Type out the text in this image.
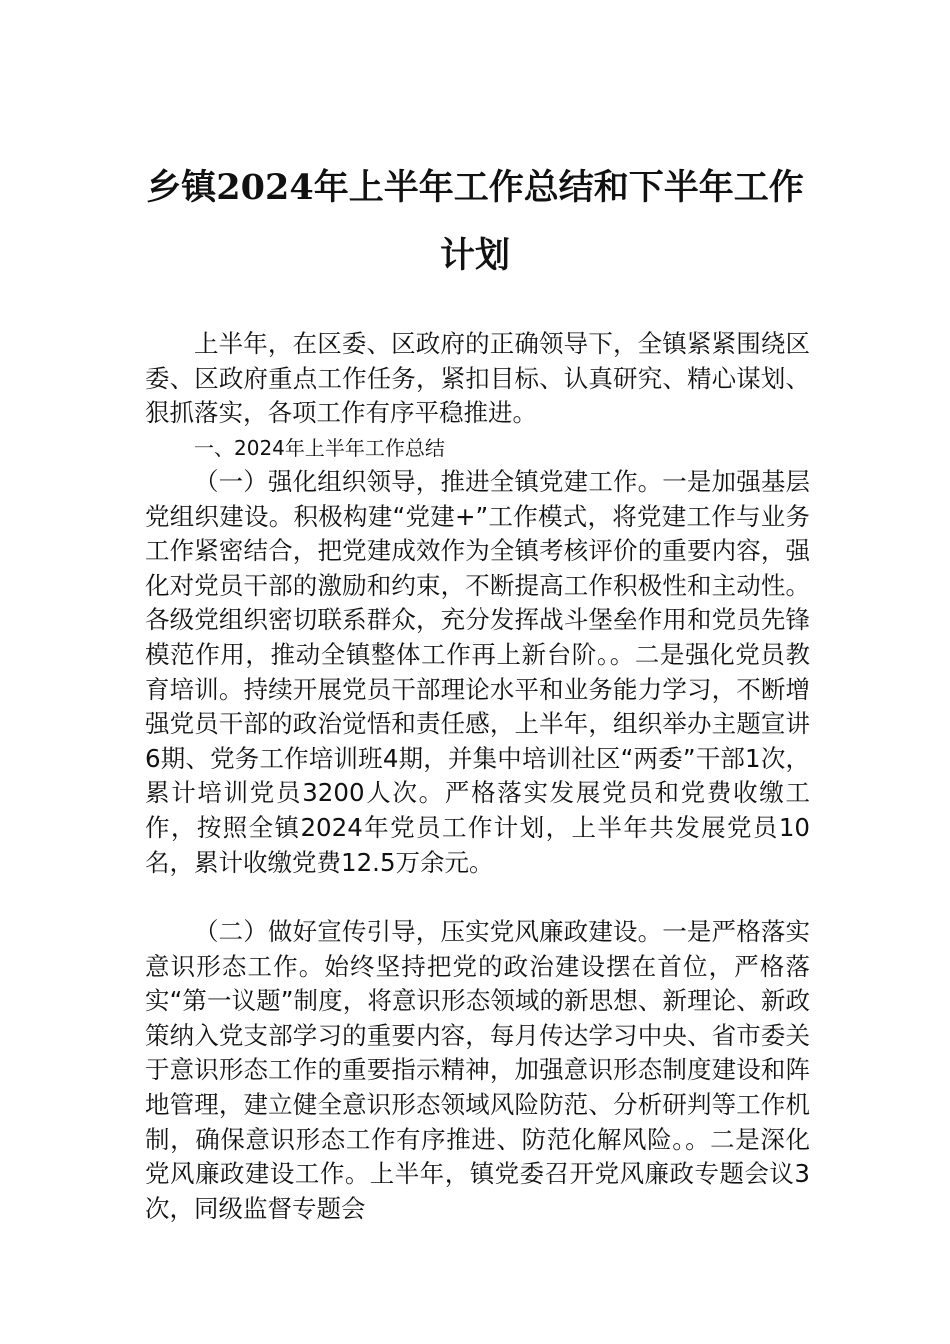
乡镇2024年上半年工作总结和下半年工作
计划

上半年，在区委、区政府的正确领导下，全镇紧紧围绕区委、区政府重点工作任务，紧扣目标、认真研究、精心谋划、狠抓落实，各项工作有序平稳推进。

一、2024年上半年工作总结

（一）强化组织领导，推进全镇党建工作。一是加强基层党组织建设。积极构建“党建+”工作模式，将党建工作与业务工作紧密结合，把党建成效作为全镇考核评价的重要内容，强化对党员干部的激励和约束，不断提高工作积极性和主动性。各级党组织密切联系群众，充分发挥战斗堡垒作用和党员先锋模范作用，推动全镇整体工作再上新台阶。。二是强化党员教育培训。持续开展党员干部理论水平和业务能力学习，不断增强党员干部的政治觉悟和责任感，上半年，组织举办主题宣讲6期、党务工作培训班4期，并集中培训社区“两委”干部1次，累计培训党员3200人次。严格落实发展党员和党费收缴工作，按照全镇2024年党员工作计划，上半年共发展党员10名，累计收缴党费12.5万余元。

（二）做好宣传引导，压实党风廉政建设。一是严格落实意识形态工作。始终坚持把党的政治建设摆在首位，严格落实“第一议题”制度，将意识形态领域的新思想、新理论、新政策纳入党支部学习的重要内容，每月传达学习中央、省市委关于意识形态工作的重要指示精神，加强意识形态制度建设和阵地管理，建立健全意识形态领域风险防范、分析研判等工作机制，确保意识形态工作有序推进、防范化解风险。。二是深化党风廉政建设工作。上半年，镇党委召开党风廉政专题会议3次，同级监督专题会
